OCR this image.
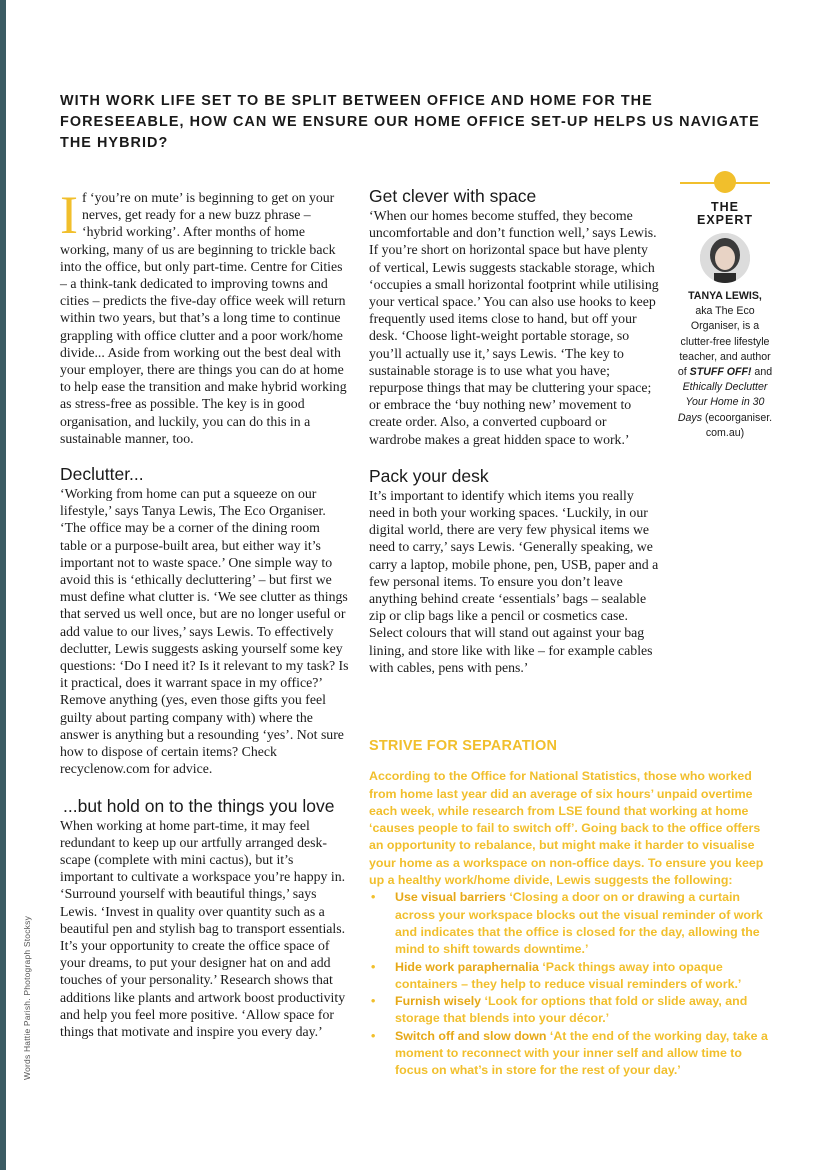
WITH WORK LIFE SET TO BE SPLIT BETWEEN OFFICE AND HOME FOR THE FORESEEABLE, HOW CAN WE ENSURE OUR HOME OFFICE SET-UP HELPS US NAVIGATE THE HYBRID?

If ‘you’re on mute’ is beginning to get on your nerves, get ready for a new buzz phrase – ‘hybrid working’. After months of home working, many of us are beginning to trickle back into the office, but only part-time. Centre for Cities – a think-tank dedicated to improving towns and cities – predicts the five-day office week will return within two years, but that’s a long time to continue grappling with office clutter and a poor work/home divide... Aside from working out the best deal with your employer, there are things you can do at home to help ease the transition and make hybrid working as stress-free as possible. The key is in good organisation, and luckily, you can do this in a sustainable manner, too.

Declutter...

‘Working from home can put a squeeze on our lifestyle,’ says Tanya Lewis, The Eco Organiser. ‘The office may be a corner of the dining room table or a purpose-built area, but either way it’s important not to waste space.’ One simple way to avoid this is ‘ethically decluttering’ – but first we must define what clutter is. ‘We see clutter as things that served us well once, but are no longer useful or add value to our lives,’ says Lewis. To effectively declutter, Lewis suggests asking yourself some key questions: ‘Do I need it? Is it relevant to my task? Is it practical, does it warrant space in my office?’ Remove anything (yes, even those gifts you feel guilty about parting company with) where the answer is anything but a resounding ‘yes’. Not sure how to dispose of certain items? Check recyclenow.com for advice.

...but hold on to the things you love

When working at home part-time, it may feel redundant to keep up our artfully arranged desk-scape (complete with mini cactus), but it’s important to cultivate a workspace you’re happy in. ‘Surround yourself with beautiful things,’ says Lewis. ‘Invest in quality over quantity such as a beautiful pen and stylish bag to transport essentials. It’s your opportunity to create the office space of your dreams, to put your designer hat on and add touches of your personality.’ Research shows that additions like plants and artwork boost productivity and help you feel more positive. ‘Allow space for things that motivate and inspire you every day.’

Get clever with space

‘When our homes become stuffed, they become uncomfortable and don’t function well,’ says Lewis. If you’re short on horizontal space but have plenty of vertical, Lewis suggests stackable storage, which ‘occupies a small horizontal footprint while utilising your vertical space.’ You can also use hooks to keep frequently used items close to hand, but off your desk. ‘Choose light-weight portable storage, so you’ll actually use it,’ says Lewis. ‘The key to sustainable storage is to use what you have; repurpose things that may be cluttering your space; or embrace the ‘buy nothing new’ movement to create order. Also, a converted cupboard or wardrobe makes a great hidden space to work.’

Pack your desk

It’s important to identify which items you really need in both your working spaces. ‘Luckily, in our digital world, there are very few physical items we need to carry,’ says Lewis. ‘Generally speaking, we carry a laptop, mobile phone, pen, USB, paper and a few personal items. To ensure you don’t leave anything behind create ‘essentials’ bags – sealable zip or clip bags like a pencil or cosmetics case. Select colours that will stand out against your bag lining, and store like with like – for example cables with cables, pens with pens.’

THE EXPERT
TANYA LEWIS,
aka The Eco Organiser, is a clutter-free lifestyle teacher, and author of STUFF OFF! and Ethically Declutter Your Home in 30 Days (ecoorganiser. com.au)
STRIVE FOR SEPARATION

According to the Office for National Statistics, those who worked from home last year did an average of six hours’ unpaid overtime each week, while research from LSE found that working at home ‘causes people to fail to switch off’. Going back to the office offers an opportunity to rebalance, but might make it harder to visualise your home as a workspace on non-office days. To ensure you keep up a healthy work/home divide, Lewis suggests the following:

• Use visual barriers ‘Closing a door on or drawing a curtain across your workspace blocks out the visual reminder of work and indicates that the office is closed for the day, allowing the mind to shift towards downtime.’
• Hide work paraphernalia ‘Pack things away into opaque containers – they help to reduce visual reminders of work.’
• Furnish wisely ‘Look for options that fold or slide away, and storage that blends into your décor.’
• Switch off and slow down ‘At the end of the working day, take a moment to reconnect with your inner self and allow time to focus on what’s in store for the rest of your day.’
Words Hattie Parish. Photograph Stocksy
